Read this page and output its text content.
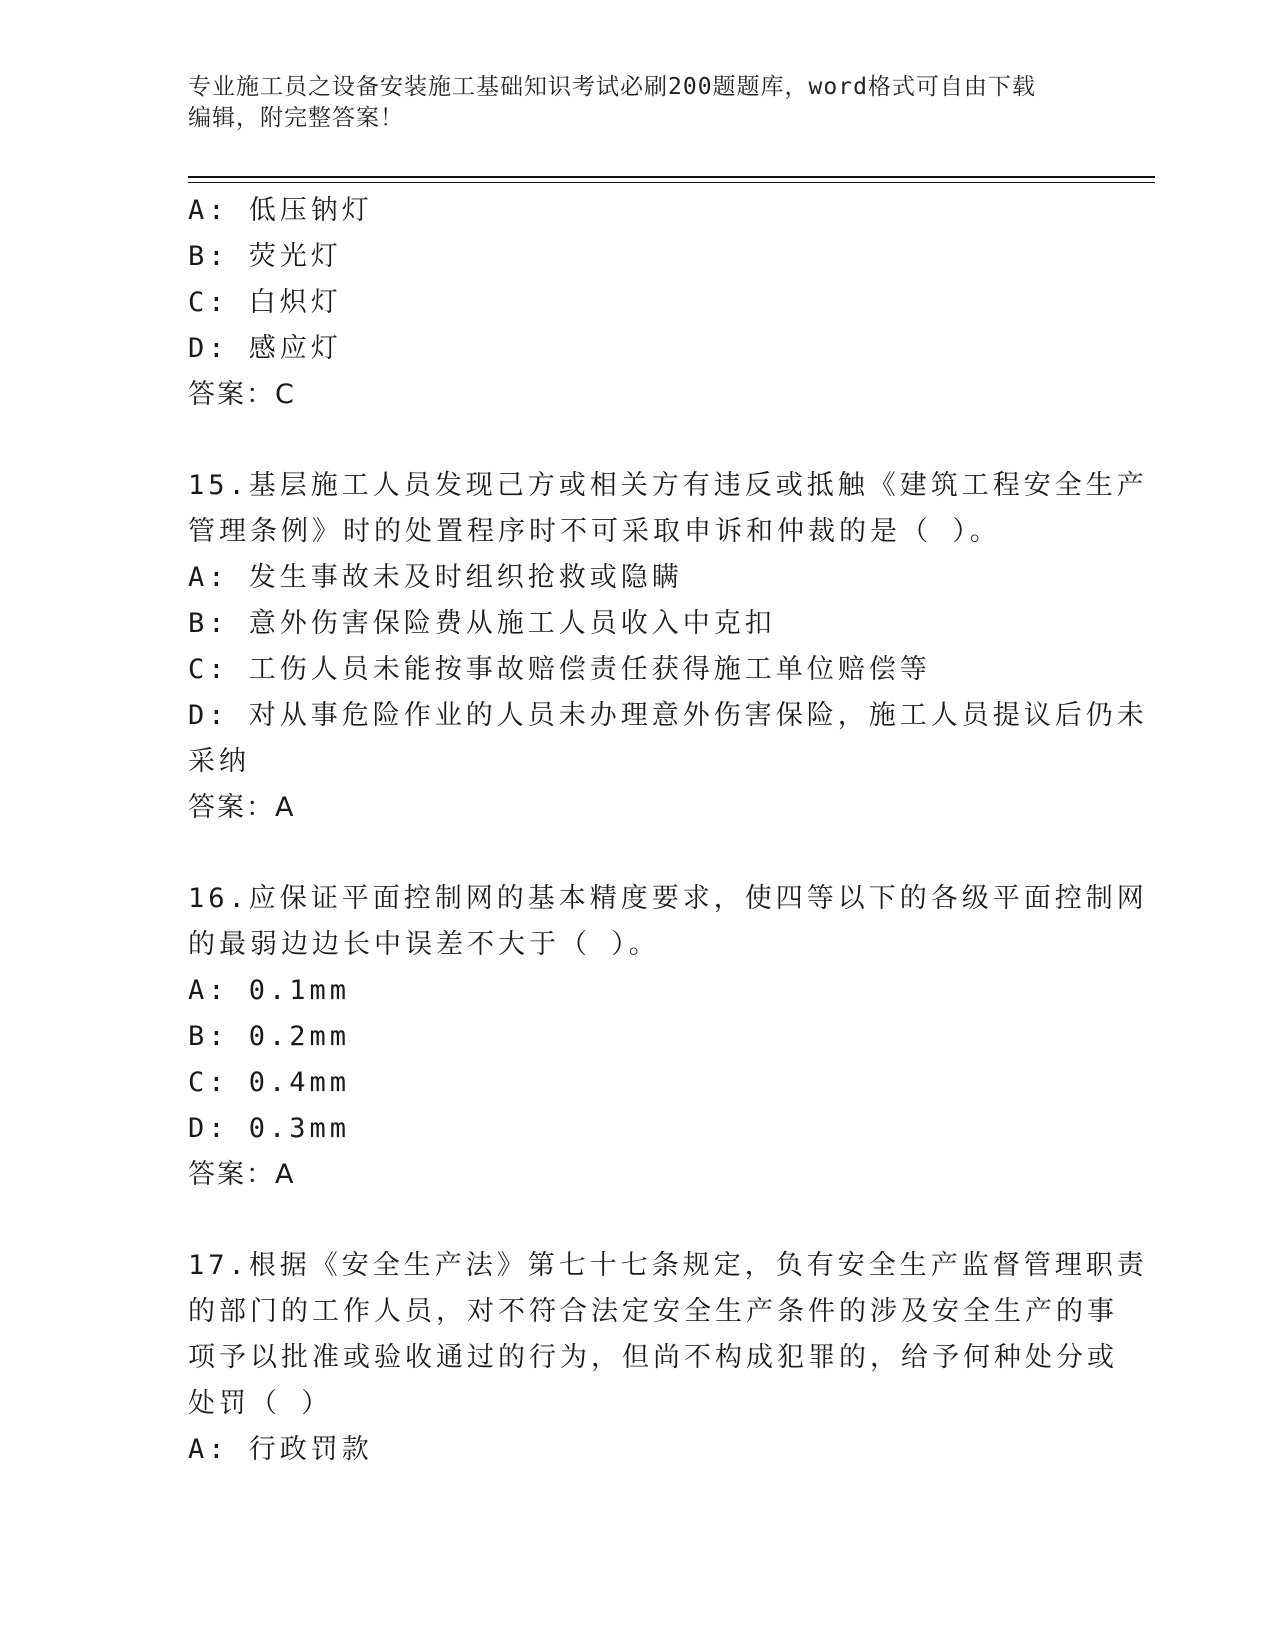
专业施工员之设备安装施工基础知识考试必刷200题题库，word格式可自由下载
编辑，附完整答案！
A: 低压钠灯
B: 荧光灯
C: 白炽灯
D: 感应灯
答案：C
15.基层施工人员发现己方或相关方有违反或抵触《建筑工程安全生产
管理条例》时的处置程序时不可采取申诉和仲裁的是（ ）。
A: 发生事故未及时组织抢救或隐瞒
B: 意外伤害保险费从施工人员收入中克扣
C: 工伤人员未能按事故赔偿责任获得施工单位赔偿等
D: 对从事危险作业的人员未办理意外伤害保险，施工人员提议后仍未
采纳
答案：A
16.应保证平面控制网的基本精度要求，使四等以下的各级平面控制网
的最弱边边长中误差不大于（ ）。
A: 0.1mm
B: 0.2mm
C: 0.4mm
D: 0.3mm
答案：A
17.根据《安全生产法》第七十七条规定，负有安全生产监督管理职责
的部门的工作人员，对不符合法定安全生产条件的涉及安全生产的事
项予以批准或验收通过的行为，但尚不构成犯罪的，给予何种处分或
处罚（ ）
A: 行政罚款
